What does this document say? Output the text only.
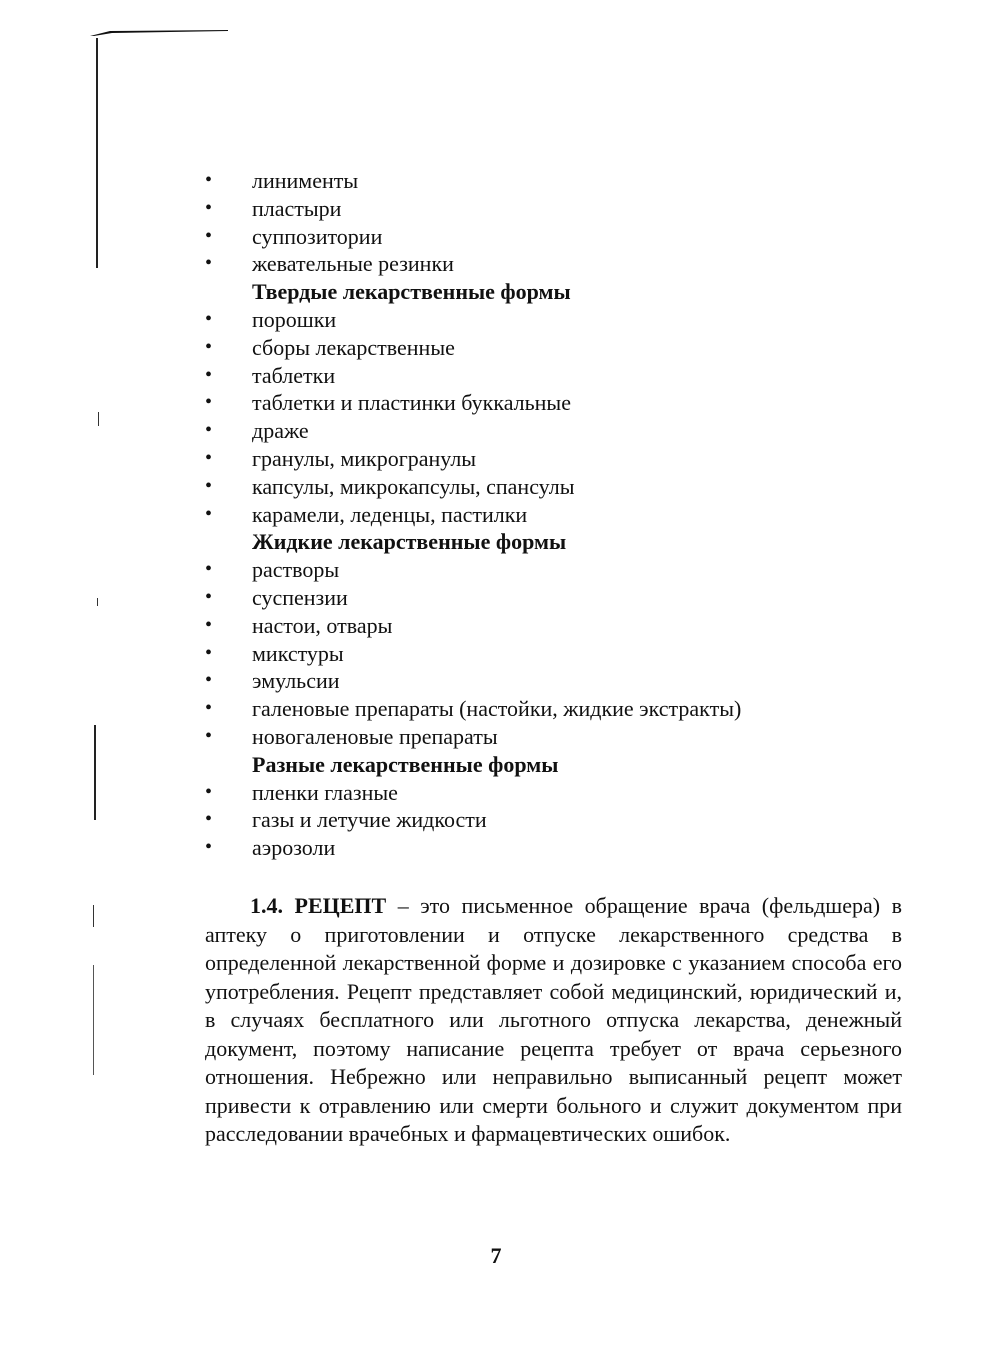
• линименты
• пластыри
• суппозитории
• жевательные резинки
Твердые лекарственные формы
• порошки
• сборы лекарственные
• таблетки
• таблетки и пластинки буккальные
• драже
• гранулы, микрогранулы
• капсулы, микрокапсулы, спансулы
• карамели, леденцы, пастилки
Жидкие лекарственные формы
• растворы
• суспензии
• настои, отвары
• микстуры
• эмульсии
• галеновые препараты (настойки, жидкие экстракты)
• новогаленовые препараты
Разные лекарственные формы
• пленки глазные
• газы и летучие жидкости
• аэрозоли

1.4. РЕЦЕПТ – это письменное обращение врача (фельдшера) в аптеку о приготовлении и отпуске лекарственного средства в определенной лекарственной форме и дозировке с указанием способа его употребления. Рецепт представляет собой медицинский, юридический и, в случаях бесплатного или льготного отпуска лекарства, денежный документ, поэтому написание рецепта требует от врача серьезного отношения. Небрежно или неправильно выписанный рецепт может привести к отравлению или смерти больного и служит документом при расследовании врачебных и фармацевтических ошибок.

7
